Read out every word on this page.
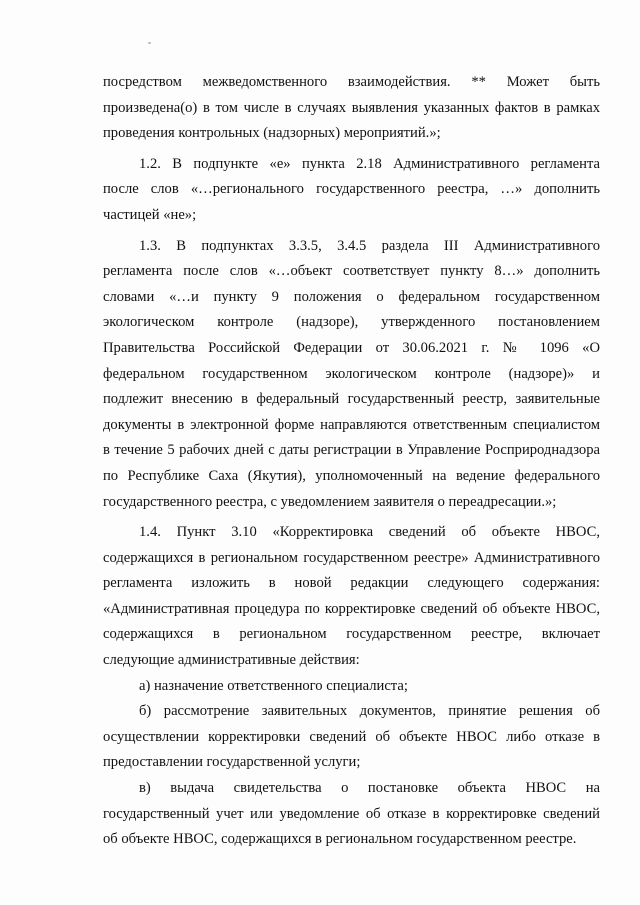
посредством межведомственного взаимодействия. ** Может быть
произведена(о) в том числе в случаях выявления указанных фактов в рамках
проведения контрольных (надзорных) мероприятий.»;
1.2. В подпункте «е» пункта 2.18 Административного регламента
после слов «…регионального государственного реестра, …» дополнить
частицей «не»;
1.3. В подпунктах 3.3.5, 3.4.5 раздела III Административного
регламента после слов «…объект соответствует пункту 8…» дополнить
словами «…и пункту 9 положения о федеральном государственном
экологическом контроле (надзоре), утвержденного постановлением
Правительства Российской Федерации от 30.06.2021 г. № 1096 «О
федеральном государственном экологическом контроле (надзоре)» и
подлежит внесению в федеральный государственный реестр, заявительные
документы в электронной форме направляются ответственным специалистом
в течение 5 рабочих дней с даты регистрации в Управление Росприроднадзора
по Республике Саха (Якутия), уполномоченный на ведение федерального
государственного реестра, с уведомлением заявителя о переадресации.»;
1.4. Пункт 3.10 «Корректировка сведений об объекте НВОС,
содержащихся в региональном государственном реестре» Административного
регламента изложить в новой редакции следующего содержания:
«Административная процедура по корректировке сведений об объекте НВОС,
содержащихся в региональном государственном реестре, включает
следующие административные действия:
а) назначение ответственного специалиста;
б) рассмотрение заявительных документов, принятие решения об
осуществлении корректировки сведений об объекте НВОС либо отказе в
предоставлении государственной услуги;
в) выдача свидетельства о постановке объекта НВОС на
государственный учет или уведомление об отказе в корректировке сведений
об объекте НВОС, содержащихся в региональном государственном реестре.
